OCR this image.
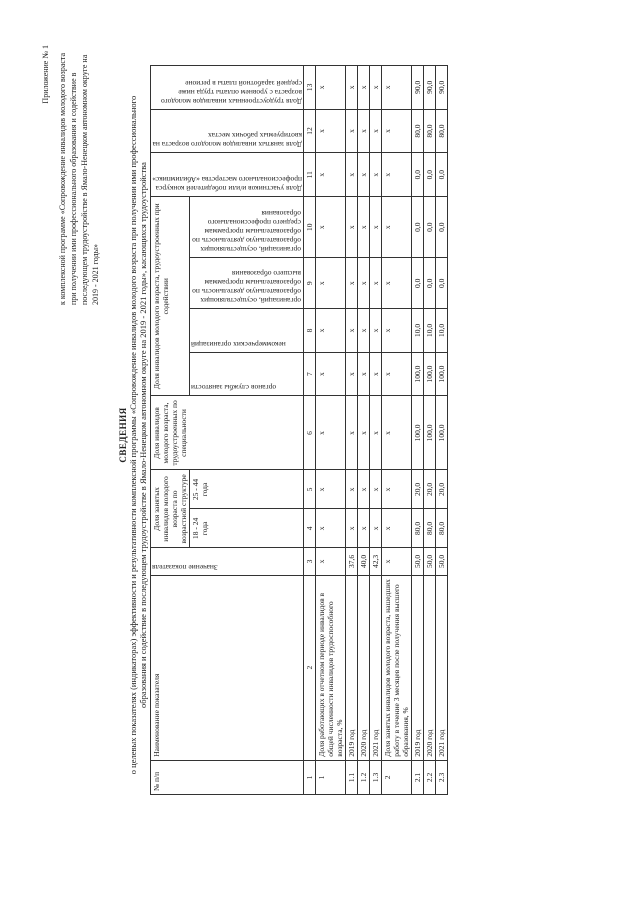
Приложение № 1 к комплексной программе «Сопровождение инвалидов молодого возраста при получении ими профессионального образования и содействие в последующем трудоустройстве в Ямало-Ненецком автономном округе на 2019 - 2021 годы»
СВЕДЕНИЯ о целевых показателях (индикаторах) эффективности и результативности комплексной программы «Сопровождение инвалидов молодого возраста при получении ими профессионального образования и содействие в последующем трудоустройстве в Ямало-Ненецком автономном округе на 2019 - 2021 годы», касающихся трудоустройства
№ п/п	Наименование показателя	Значение показателя	Доля занятых инвалидов молодого возраста по возрастной структуре		Доля инвалидов молодого возраста, трудоустроенных по специальности	Доля инвалидов молодого возраста, трудоустроенных при содействии				Доля участников и/или победителей конкурса профессионального мастерства «Абилимпикс»	Доля занятых инвалидов молодого возраста на квотируемых рабочих местах	Доля трудоустроенных инвалидов молодого возраста с уровнем оплаты труда ниже средней заработной платы в регионе

			18 - 24 года	25 - 44 года		органов службы занятости	некоммерческих организаций	организаций, осуществляющих образовательную деятельность по образовательным программам высшего образования	организаций, осуществляющих образовательную деятельность по образовательным программам среднего профессионального образования			

1	2	3	4	5	6	7	8	9	10	11	12	13
1	Доля работающих в отчетном периоде инвалидов в общей численности инвалидов трудоспособного возраста, %	х	х	х	х	х	х	х	х	х	х	х
1.1	2019 год	37,6	х	х	х	х	х	х	х	х	х	х
1.2	2020 год	40,0	х	х	х	х	х	х	х	х	х	х
1.3	2021 год	42,3	х	х	х	х	х	х	х	х	х	х
2	Доля занятых инвалидов молодого возраста, нашедших работу в течение 3 месяцев после получения высшего образования, %	х	х	х	х	х	х	х	х	х	х	х
2.1	2019 год	50,0	80,0	20,0	100,0	100,0	10,0	0,0	0,0	0,0	80,0	90,0
2.2	2020 год	50,0	80,0	20,0	100,0	100,0	10,0	0,0	0,0	0,0	80,0	90,0
2.3	2021 год	50,0	80,0	20,0	100,0	100,0	10,0	0,0	0,0	0,0	80,0	90,0
